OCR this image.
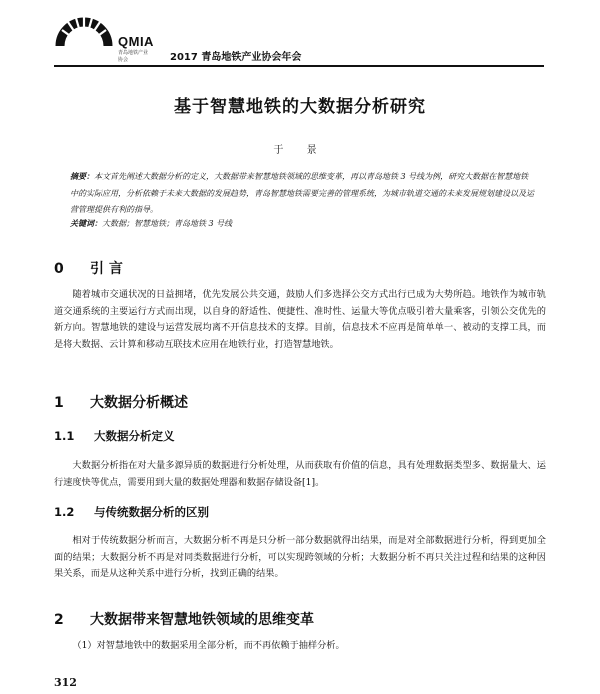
QMIA
青岛地铁产业协会	2017 青岛地铁产业协会年会
基于智慧地铁的大数据分析研究
于 景
摘要：本文首先阐述大数据分析的定义，大数据带来智慧地铁领域的思维变革，再以青岛地铁 3 号线为例，研究大数据在智慧地铁中的实际应用，分析依赖于未来大数据的发展趋势，青岛智慧地铁需要完善的管理系统，为城市轨道交通的未来发展规划建设以及运营管理提供有利的指导。
关键词：大数据；智慧地铁；青岛地铁 3 号线
0 引 言
随着城市交通状况的日益拥堵，优先发展公共交通，鼓励人们多选择公交方式出行已成为大势所趋。地铁作为城市轨道交通系统的主要运行方式而出现，以自身的舒适性、便捷性、准时性、运量大等优点吸引着大量乘客，引领公交优先的新方向。智慧地铁的建设与运营发展均离不开信息技术的支撑。目前，信息技术不应再是简单单一、被动的支撑工具，而是将大数据、云计算和移动互联技术应用在地铁行业，打造智慧地铁。
1 大数据分析概述
1.1 大数据分析定义
大数据分析指在对大量多源异质的数据进行分析处理，从而获取有价值的信息，具有处理数据类型多、数据量大、运行速度快等优点，需要用到大量的数据处理器和数据存储设备[1]。
1.2 与传统数据分析的区别
相对于传统数据分析而言，大数据分析不再是只分析一部分数据就得出结果，而是对全部数据进行分析，得到更加全面的结果；大数据分析不再是对同类数据进行分析，可以实现跨领域的分析；大数据分析不再只关注过程和结果的这种因果关系，而是从这种关系中进行分析，找到正确的结果。
2 大数据带来智慧地铁领域的思维变革
（1）对智慧地铁中的数据采用全部分析，而不再依赖于抽样分析。
312
